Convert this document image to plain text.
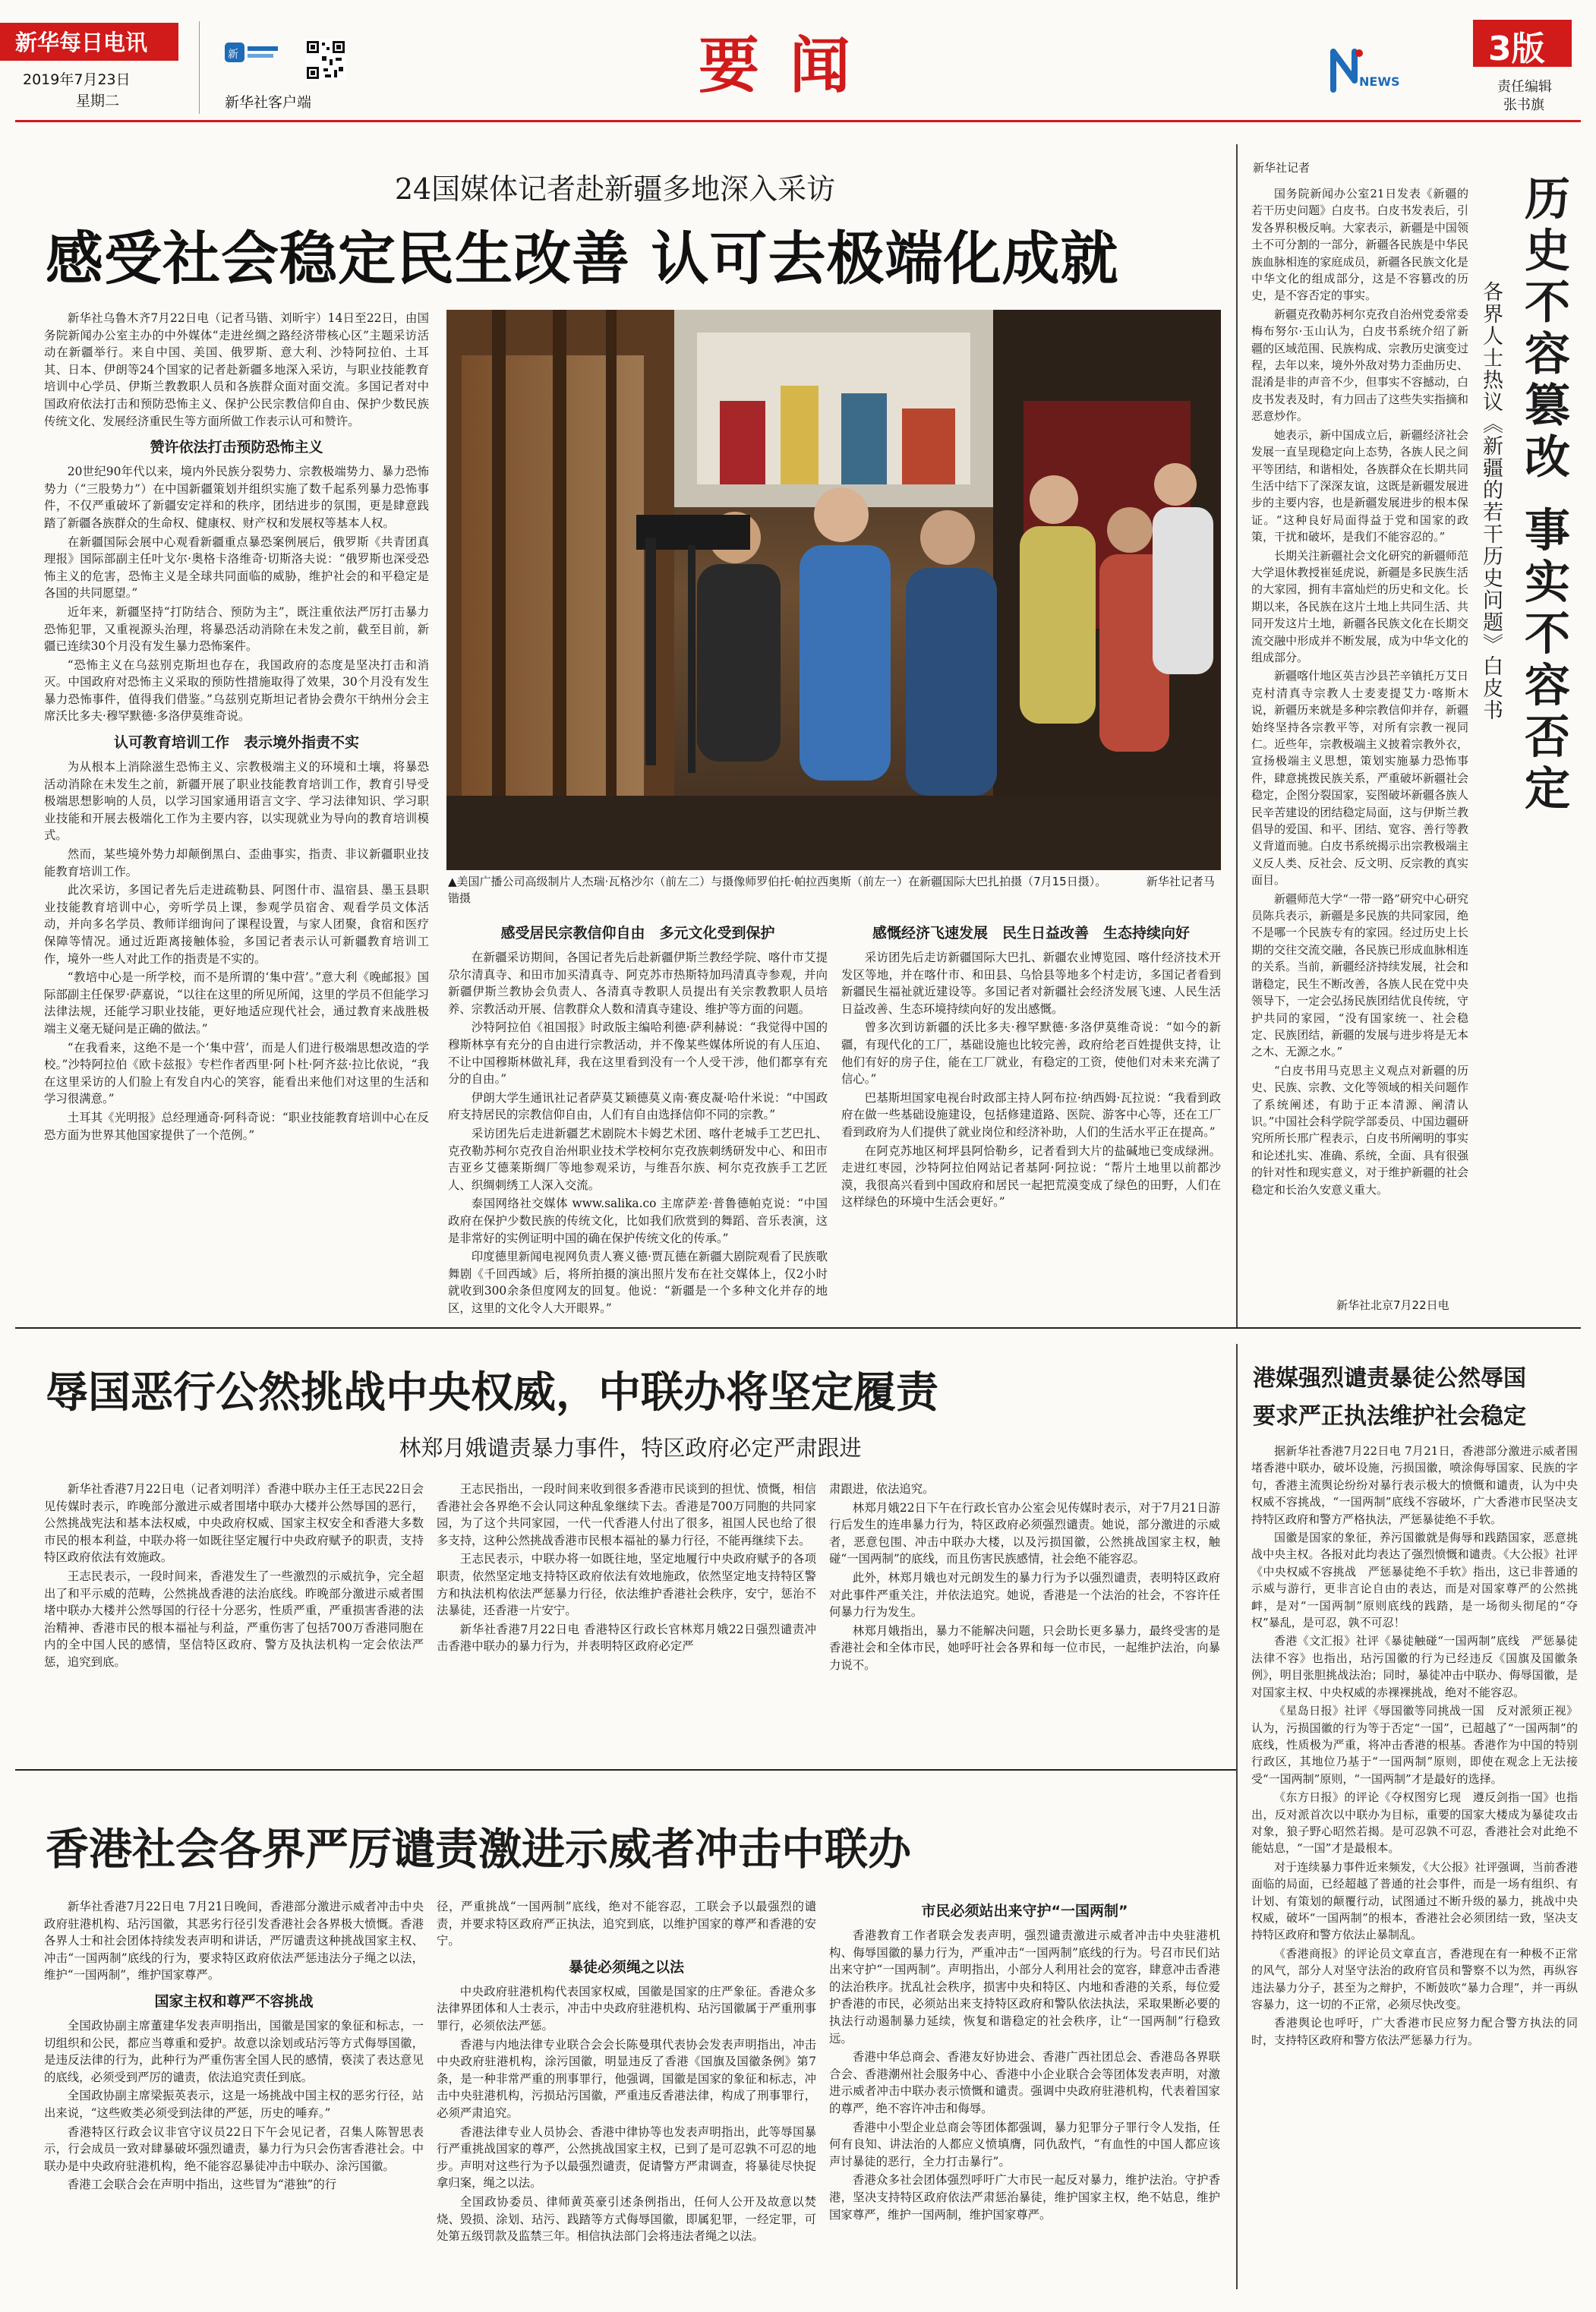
新华每日电讯
2019年7月23日
星期二
新
新华社客户端
要 闻	NEWS
3版
责任编辑
张书旗
24国媒体记者赴新疆多地深入采访
感受社会稳定民生改善 认可去极端化成就

新华社乌鲁木齐7月22日电（记者马锴、刘昕宇）14日至22日，由国务院新闻办公室主办的中外媒体“走进丝绸之路经济带核心区”主题采访活动在新疆举行。来自中国、美国、俄罗斯、意大利、沙特阿拉伯、土耳其、日本、伊朗等24个国家的记者赴新疆多地深入采访，与职业技能教育培训中心学员、伊斯兰教教职人员和各族群众面对面交流。多国记者对中国政府依法打击和预防恐怖主义、保护公民宗教信仰自由、保护少数民族传统文化、发展经济重民生等方面所做工作表示认可和赞许。

赞许依法打击预防恐怖主义

20世纪90年代以来，境内外民族分裂势力、宗教极端势力、暴力恐怖势力（“三股势力”）在中国新疆策划并组织实施了数千起系列暴力恐怖事件，不仅严重破坏了新疆安定祥和的秩序，团结进步的氛围，更是肆意践踏了新疆各族群众的生命权、健康权、财产权和发展权等基本人权。

在新疆国际会展中心观看新疆重点暴恐案例展后，俄罗斯《共青团真理报》国际部副主任叶戈尔·奥格卡洛维奇·切斯洛夫说：“俄罗斯也深受恐怖主义的危害，恐怖主义是全球共同面临的威胁，维护社会的和平稳定是各国的共同愿望。”

近年来，新疆坚持“打防结合、预防为主”，既注重依法严厉打击暴力恐怖犯罪，又重视源头治理，将暴恐活动消除在未发之前，截至目前，新疆已连续30个月没有发生暴力恐怖案件。

“恐怖主义在乌兹别克斯坦也存在，我国政府的态度是坚决打击和消灭。中国政府对恐怖主义采取的预防性措施取得了效果，30个月没有发生暴力恐怖事件，值得我们借鉴。”乌兹别克斯坦记者协会费尔干纳州分会主席沃比多夫·穆罕默德·多洛伊莫维奇说。

认可教育培训工作　表示境外指责不实

为从根本上消除滋生恐怖主义、宗教极端主义的环境和土壤，将暴恐活动消除在未发生之前，新疆开展了职业技能教育培训工作，教育引导受极端思想影响的人员，以学习国家通用语言文字、学习法律知识、学习职业技能和开展去极端化工作为主要内容，以实现就业为导向的教育培训模式。

然而，某些境外势力却颠倒黑白、歪曲事实，指责、非议新疆职业技能教育培训工作。

此次采访，多国记者先后走进疏勒县、阿图什市、温宿县、墨玉县职业技能教育培训中心，旁听学员上课，参观学员宿舍、观看学员文体活动，并向多名学员、教师详细询问了课程设置，与家人团聚，食宿和医疗保障等情况。通过近距离接触体验，多国记者表示认可新疆教育培训工作，境外一些人对此工作的指责是不实的。

“教培中心是一所学校，而不是所谓的‘集中营’。”意大利《晚邮报》国际部副主任保罗·萨嘉说，“以往在这里的所见所闻，这里的学员不但能学习法律法规，还能学习职业技能，更好地适应现代社会，通过教育来战胜极端主义毫无疑问是正确的做法。”

“在我看来，这绝不是一个‘集中营’，而是人们进行极端思想改造的学校。”沙特阿拉伯《欧卡兹报》专栏作者西里·阿卜杜·阿齐兹·拉比依说，“我在这里采访的人们脸上有发自内心的笑容，能看出来他们对这里的生活和学习很满意。”

土耳其《光明报》总经理通奇·阿科奇说：“职业技能教育培训中心在反恐方面为世界其他国家提供了一个范例。”

▲美国广播公司高级制片人杰瑞·瓦格沙尔（前左二）与摄像师罗伯托·帕拉西奥斯（前左一）在新疆国际大巴扎拍摄（7月15日摄）。　　　　新华社记者马锴摄
感受居民宗教信仰自由　多元文化受到保护

在新疆采访期间，各国记者先后赴新疆伊斯兰教经学院、喀什市艾提尕尔清真寺、和田市加买清真寺、阿克苏市热斯特加玛清真寺参观，并向新疆伊斯兰教协会负责人、各清真寺教职人员提出有关宗教教职人员培养、宗教活动开展、信教群众人数和清真寺建设、维护等方面的问题。

沙特阿拉伯《祖国报》时政版主编哈利德·萨利赫说：“我觉得中国的穆斯林享有充分的自由进行宗教活动，并不像某些媒体所说的有人压迫、不让中国穆斯林做礼拜，我在这里看到没有一个人受干涉，他们都享有充分的自由。”

伊朗大学生通讯社记者萨莫艾颖德莫义南·赛皮凝·哈什米说：“中国政府支持居民的宗教信仰自由，人们有自由选择信仰不同的宗教。”

采访团先后走进新疆艺术剧院木卡姆艺术团、喀什老城手工艺巴扎、克孜勒苏柯尔克孜自治州职业技术学校柯尔克孜族刺绣研发中心、和田市吉亚乡艾德莱斯绸厂等地参观采访，与维吾尔族、柯尔克孜族手工艺匠人、织绸刺绣工人深入交流。

泰国网络社交媒体 www.salika.co 主席萨差·普鲁德帕克说：“中国政府在保护少数民族的传统文化，比如我们欣赏到的舞蹈、音乐表演，这是非常好的实例证明中国的确在保护传统文化的传承。”

印度德里新闻电视网负责人赛义德·贾瓦德在新疆大剧院观看了民族歌舞剧《千回西域》后，将所拍摄的演出照片发布在社交媒体上，仅2小时就收到300余条但度网友的回复。他说：“新疆是一个多种文化并存的地区，这里的文化令人大开眼界。”

感慨经济飞速发展　民生日益改善　生态持续向好

采访团先后走访新疆国际大巴扎、新疆农业博览园、喀什经济技术开发区等地，并在喀什市、和田县、乌恰县等地多个村走访，多国记者看到新疆民生福祉就近建设等。多国记者对新疆社会经济发展飞速、人民生活日益改善、生态环境持续向好的发出感慨。

曾多次到访新疆的沃比多夫·穆罕默德·多洛伊莫维奇说：“如今的新疆，有现代化的工厂，基础设施也比较完善，政府给老百姓提供支持，让他们有好的房子住，能在工厂就业，有稳定的工资，使他们对未来充满了信心。”

巴基斯坦国家电视台时政部主持人阿布拉·纳西姆·瓦拉说：“我看到政府在做一些基础设施建设，包括修建道路、医院、游客中心等，还在工厂看到政府为人们提供了就业岗位和经济补助，人们的生活水平正在提高。”

在阿克苏地区柯坪县阿恰勒乡，记者看到大片的盐碱地已变成绿洲。走进红枣园，沙特阿拉伯网站记者基阿·阿拉说：“帮片土地里以前都沙漠，我很高兴看到中国政府和居民一起把荒漠变成了绿色的田野，人们在这样绿色的环境中生活会更好。”

新华社记者

国务院新闻办公室21日发表《新疆的若干历史问题》白皮书。白皮书发表后，引发各界积极反响。大家表示，新疆是中国领土不可分割的一部分，新疆各民族是中华民族血脉相连的家庭成员，新疆各民族文化是中华文化的组成部分，这是不容篡改的历史，是不容否定的事实。

新疆克孜勒苏柯尔克孜自治州党委常委梅布努尔·玉山认为，白皮书系统介绍了新疆的区域范围、民族构成、宗教历史演变过程，去年以来，境外外敌对势力歪曲历史、混淆是非的声音不少，但事实不容撼动，白皮书发表及时，有力回击了这些失实指摘和恶意炒作。

她表示，新中国成立后，新疆经济社会发展一直呈现稳定向上态势，各族人民之间平等团结，和谐相处，各族群众在长期共同生活中结下了深深友谊，这既是新疆发展进步的主要内容，也是新疆发展进步的根本保证。“这种良好局面得益于党和国家的政策，干扰和破坏，是我们不能容忍的。”

长期关注新疆社会文化研究的新疆师范大学退休教授崔延虎说，新疆是多民族生活的大家园，拥有丰富灿烂的历史和文化。长期以来，各民族在这片土地上共同生活、共同开发这片土地，新疆各民族文化在长期交流交融中形成并不断发展，成为中华文化的组成部分。

新疆喀什地区英吉沙县芒辛镇托万艾日克村清真寺宗教人士麦麦提艾力·喀斯木说，新疆历来就是多种宗教信仰并存，新疆始终坚持各宗教平等，对所有宗教一视同仁。近些年，宗教极端主义披着宗教外衣，宣扬极端主义思想，策划实施暴力恐怖事件，肆意挑拨民族关系，严重破坏新疆社会稳定，企图分裂国家，妄图破坏新疆各族人民辛苦建设的团结稳定局面，这与伊斯兰教倡导的爱国、和平、团结、宽容、善行等教义背道而驰。白皮书系统揭示出宗教极端主义反人类、反社会、反文明、反宗教的真实面目。

新疆师范大学“一带一路”研究中心研究员陈兵表示，新疆是多民族的共同家园，绝不是哪一个民族专有的家园。经过历史上长期的交往交流交融，各民族已形成血脉相连的关系。当前，新疆经济持续发展，社会和谐稳定，民生不断改善，各族人民在党中央领导下，一定会弘扬民族团结优良传统，守护共同的家园，“没有国家统一、社会稳定、民族团结，新疆的发展与进步将是无本之木、无源之水。”

“白皮书用马克思主义观点对新疆的历史、民族、宗教、文化等领域的相关问题作了系统阐述，有助于正本清源、阐清认识。”中国社会科学院学部委员、中国边疆研究所所长邢广程表示，白皮书所阐明的事实和论述扎实、准确、系统，全面、具有很强的针对性和现实意义，对于维护新疆的社会稳定和长治久安意义重大。

新华社北京7月22日电
历史不容篡改 事实不容否定
各界人士热议《新疆的若干历史问题》白皮书
辱国恶行公然挑战中央权威，中联办将坚定履责
林郑月娥谴责暴力事件，特区政府必定严肃跟进

新华社香港7月22日电（记者刘明洋）香港中联办主任王志民22日会见传媒时表示，昨晚部分激进示威者围堵中联办大楼并公然辱国的恶行，公然挑战宪法和基本法权威，中央政府权威、国家主权安全和香港大多数市民的根本利益，中联办将一如既往坚定履行中央政府赋予的职责，支持特区政府依法有效施政。

王志民表示，一段时间来，香港发生了一些激烈的示威抗争，完全超出了和平示威的范畴，公然挑战香港的法治底线。昨晚部分激进示威者围堵中联办大楼并公然辱国的行径十分恶劣，性质严重，严重损害香港的法治精神、香港市民的根本福祉与利益，严重伤害了包括700万香港同胞在内的全中国人民的感情，坚信特区政府、警方及执法机构一定会依法严惩，追究到底。

王志民指出，一段时间来收到很多香港市民谈到的担忧、愤慨，相信香港社会各界绝不会认同这种乱象继续下去。香港是700万同胞的共同家园，为了这个共同家园，一代一代香港人付出了很多，祖国人民也给了很多支持，这种公然挑战香港市民根本福祉的暴力行径，不能再继续下去。

王志民表示，中联办将一如既往地，坚定地履行中央政府赋予的各项职责，依然坚定地支持特区政府依法有效地施政，依然坚定地支持特区警方和执法机构依法严惩暴力行径，依法维护香港社会秩序，安宁，惩治不法暴徒，还香港一片安宁。

新华社香港7月22日电 香港特区行政长官林郑月娥22日强烈谴责冲击香港中联办的暴力行为，并表明特区政府必定严

肃跟进，依法追究。

林郑月娥22日下午在行政长官办公室会见传媒时表示，对于7月21日游行后发生的连串暴力行为，特区政府必须强烈谴责。她说，部分激进的示威者，恶意包围、冲击中联办大楼，以及污损国徽，公然挑战国家主权，触碰“一国两制”的底线，而且伤害民族感情，社会绝不能容忍。

此外，林郑月娥也对元朗发生的暴力行为予以强烈谴责，表明特区政府对此事件严重关注，并依法追究。她说，香港是一个法治的社会，不容许任何暴力行为发生。

林郑月娥指出，暴力不能解决问题，只会助长更多暴力，最终受害的是香港社会和全体市民，她呼吁社会各界和每一位市民，一起维护法治，向暴力说不。

港媒强烈谴责暴徒公然辱国
要求严正执法维护社会稳定

据新华社香港7月22日电 7月21日，香港部分激进示威者围堵香港中联办，破坏设施，污损国徽，喷涂侮辱国家、民族的字句，香港主流舆论纷纷对暴行表示极大的愤慨和谴责，认为中央权威不容挑战，“一国两制”底线不容破坏，广大香港市民坚决支持特区政府和警方严格执法，严惩暴徒绝不手软。

国徽是国家的象征，养污国徽就是侮辱和践踏国家，恶意挑战中央主权。各报对此均表达了强烈愤慨和谴责。《大公报》社评《中央权威不容挑战　严惩暴徒绝不手软》指出，这已非普通的示威与游行，更非言论自由的表达，而是对国家尊严的公然挑衅，是对“一国两制”原则底线的践踏，是一场彻头彻尾的“夺权”暴乱，是可忍，孰不可忍！

香港《文汇报》社评《暴徒触碰“一国两制”底线　严惩暴徒法律不容》也指出，玷污国徽的行为已经违反《国旗及国徽条例》，明目张胆挑战法治；同时，暴徒冲击中联办、侮辱国徽，是对国家主权、中央权威的赤裸裸挑战，绝对不能容忍。

《星岛日报》社评《辱国徽等同挑战一国　反对派须正视》认为，污损国徽的行为等于否定“一国”，已超越了“一国两制”的底线，性质极为严重，将冲击香港的根基。香港作为中国的特别行政区，其地位乃基于“一国两制”原则，即使在观念上无法接受“一国两制”原则，“一国两制”才是最好的选择。

《东方日报》的评论《夺权图穷匕现　遵反剑指一国》也指出，反对派首次以中联办为目标，重要的国家大楼成为暴徒攻击对象，狼子野心昭然若揭。是可忍孰不可忍，香港社会对此绝不能姑息，“一国”才是最根本。

对于连续暴力事件近来频发，《大公报》社评强调，当前香港面临的局面，已经超越了普通的社会事件，而是一场有组织、有计划、有策划的颠覆行动，试图通过不断升级的暴力，挑战中央权威，破坏“一国两制”的根本，香港社会必须团结一致，坚决支持特区政府和警方依法止暴制乱。

《香港商报》的评论员文章直言，香港现在有一种极不正常的风气，部分人对坚守法治的政府官员和警察不以为然，再纵容违法暴力分子，甚至为之辩护，不断鼓吹“暴力合理”，并一再纵容暴力，这一切的不正常，必须尽快改变。

香港舆论也呼吁，广大香港市民应努力配合警方执法的同时，支持特区政府和警方依法严惩暴力行为。

香港社会各界严厉谴责激进示威者冲击中联办

新华社香港7月22日电 7月21日晚间，香港部分激进示威者冲击中央政府驻港机构、玷污国徽，其恶劣行径引发香港社会各界极大愤慨。香港各界人士和社会团体持续发表声明和讲话，严厉谴责这种挑战国家主权、冲击“一国两制”底线的行为，要求特区政府依法严惩违法分子绳之以法，维护“一国两制”，维护国家尊严。

国家主权和尊严不容挑战

全国政协副主席董建华发表声明指出，国徽是国家的象征和标志，一切组织和公民，都应当尊重和爱护。故意以涂划或玷污等方式侮辱国徽，是违反法律的行为，此种行为严重伤害全国人民的感情，亵渎了表达意见的底线，必须受到严厉的谴责，依法追究责任到底。

全国政协副主席梁振英表示，这是一场挑战中国主权的恶劣行径，站出来说，“这些败类必须受到法律的严惩，历史的唾弃。”

香港特区行政会议非官守议员22日下午会见记者，召集人陈智思表示，行会成员一致对肆暴破坏强烈谴责，暴力行为只会伤害香港社会。中联办是中央政府驻港机构，绝不能容忍暴徒冲击中联办、涂污国徽。

香港工会联合会在声明中指出，这些冒为“港独”的行

径，严重挑战“一国两制”底线，绝对不能容忍，工联会予以最强烈的谴责，并要求特区政府严正执法，追究到底，以维护国家的尊严和香港的安宁。

暴徒必须绳之以法

中央政府驻港机构代表国家权威，国徽是国家的庄严象征。香港众多法律界团体和人士表示，冲击中央政府驻港机构、玷污国徽属于严重刑事罪行，必须依法严惩。

香港与内地法律专业联合会会长陈曼琪代表协会发表声明指出，冲击中央政府驻港机构，涂污国徽，明显违反了香港《国旗及国徽条例》第7条，是一种非常严重的刑事罪行，他强调，国徽是国家的象征和标志，冲击中央驻港机构，污损玷污国徽，严重违反香港法律，构成了刑事罪行，必须严肃追究。

香港法律专业人员协会、香港中律协等也发表声明指出，此等辱国暴行严重挑战国家的尊严，公然挑战国家主权，已到了是可忍孰不可忍的地步。声明对这些行为予以最强烈谴责，促请警方严肃调查，将暴徒尽快捉拿归案，绳之以法。

全国政协委员、律师黄英豪引述条例指出，任何人公开及故意以焚烧、毁损、涂划、玷污、践踏等方式侮辱国徽，即属犯罪，一经定罪，可处第五级罚款及监禁三年。相信执法部门会将违法者绳之以法。

市民必须站出来守护“一国两制”

香港教育工作者联会发表声明，强烈谴责激进示威者冲击中央驻港机构、侮辱国徽的暴力行为，严重冲击“一国两制”底线的行为。号召市民们站出来守护“一国两制”。声明指出，小部分人利用社会的宽容，肆意冲击香港的法治秩序。扰乱社会秩序，损害中央和特区、内地和香港的关系，每位爱护香港的市民，必须站出来支持特区政府和警队依法执法，采取果断必要的执法行动遏制暴力延续，恢复和谐稳定的社会秩序，让“一国两制”行稳致远。

香港中华总商会、香港友好协进会、香港广西社团总会、香港岛各界联合会、香港潮州社会服务中心、香港中小企业联合会等团体发表声明，对激进示威者冲击中联办表示愤慨和谴责。强调中央政府驻港机构，代表着国家的尊严，绝不容许冲击和侮辱。

香港中小型企业总商会等团体都强调，暴力犯罪分子罪行令人发指，任何有良知、讲法治的人都应义愤填膺，同仇敌忾，“有血性的中国人都应该声讨暴徒的恶行，全力打击暴行”。

香港众多社会团体强烈呼吁广大市民一起反对暴力，维护法治。守护香港，坚决支持特区政府依法严肃惩治暴徒，维护国家主权，绝不姑息，维护国家尊严，维护一国两制，维护国家尊严。
